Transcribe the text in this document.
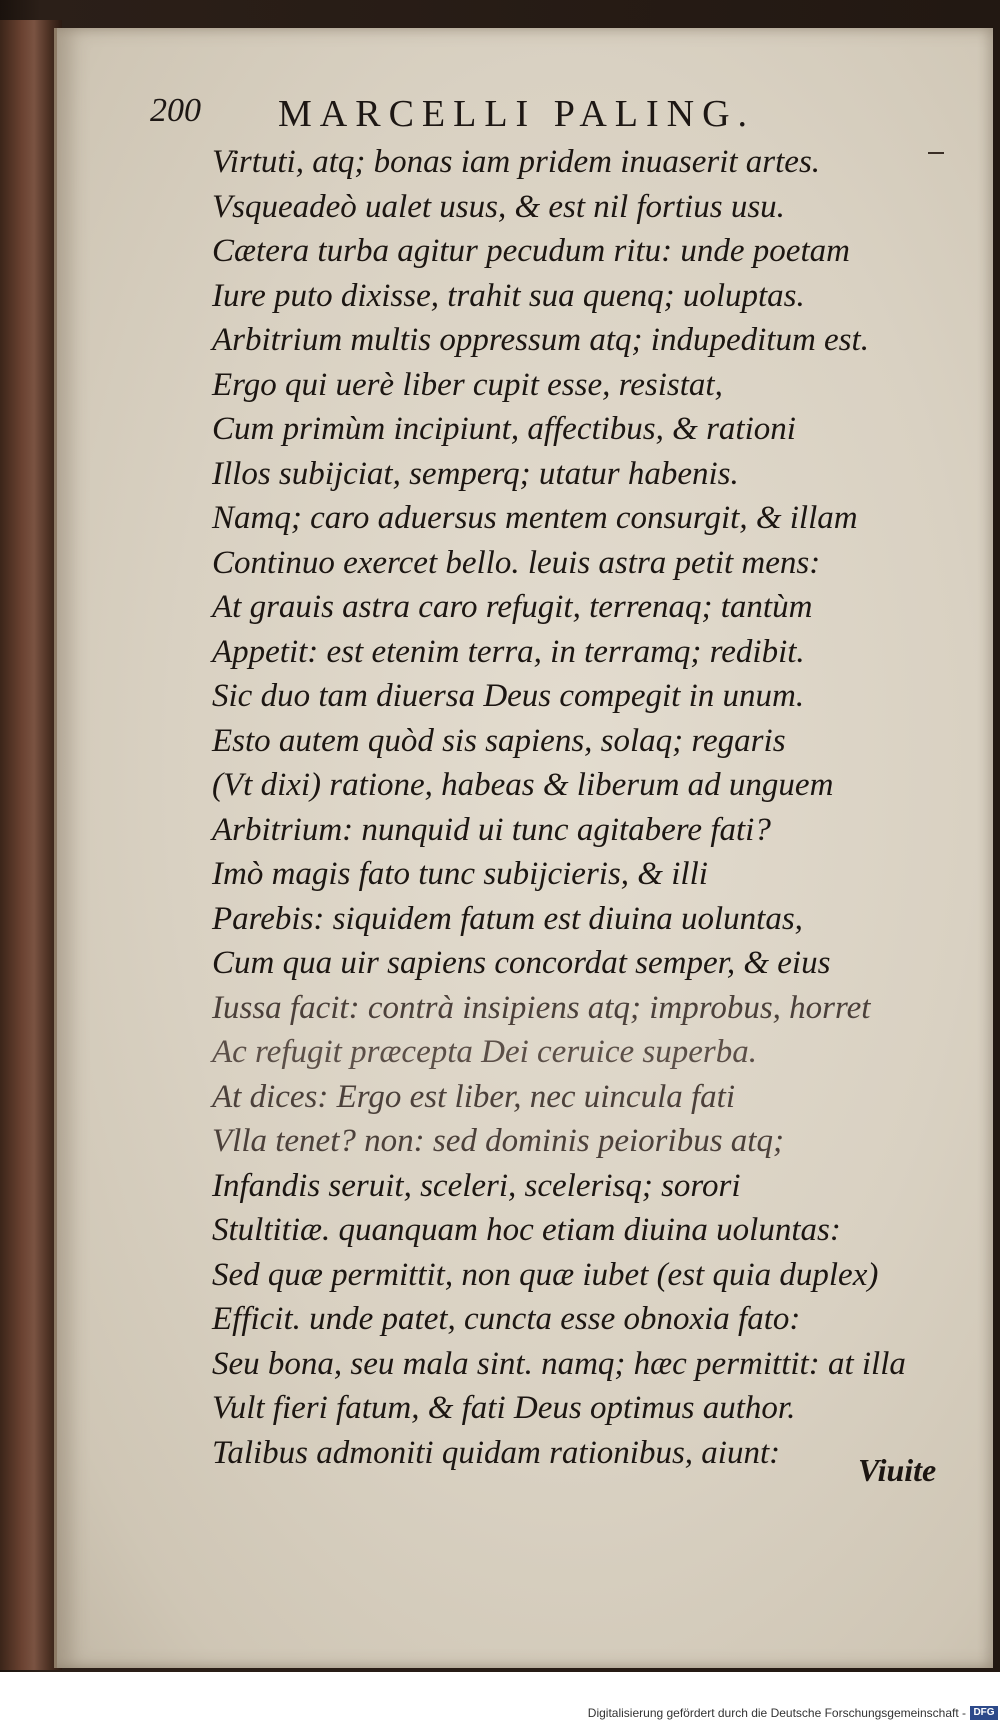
200 MARCELLI PALING.
Virtuti, atq; bonas iam pridem inuaserit artes.
Vsqueadeò ualet usus, & est nil fortius usu.
Cætera turba agitur pecudum ritu: unde poetam
Iure puto dixisse, trahit sua quenq; uoluptas.
Arbitrium multis oppressum atq; indupeditum est.
Ergo qui uerè liber cupit esse, resistat,
Cum primùm incipiunt, affectibus, & rationi
Illos subijciat, semperq; utatur habenis.
Namq; caro aduersus mentem consurgit, & illam
Continuo exercet bello. leuis astra petit mens:
At grauis astra caro refugit, terrenaq; tantùm
Appetit: est etenim terra, in terramq; redibit.
Sic duo tam diuersa Deus compegit in unum.
Esto autem quòd sis sapiens, solaq; regaris
(Vt dixi) ratione, habeas & liberum ad unguem
Arbitrium: nunquid ui tunc agitabere fati?
Imò magis fato tunc subijcieris, & illi
Parebis: siquidem fatum est diuina uoluntas,
Cum qua uir sapiens concordat semper, & eius
Iussa facit: contrà insipiens atq; improbus, horret
Ac refugit præcepta Dei ceruice superba.
At dices: Ergo est liber, nec uincula fati
Vlla tenet? non: sed dominis peioribus atq;
Infandis seruit, sceleri, scelerisq; sorori
Stultitiæ. quanquam hoc etiam diuina uoluntas:
Sed quæ permittit, non quæ iubet (est quia duplex)
Efficit. unde patet, cuncta esse obnoxia fato:
Seu bona, seu mala sint. namq; hæc permittit: at illa
Vult fieri fatum, & fati Deus optimus author.
Talibus admoniti quidam rationibus, aiunt:	Viuite
Digitalisierung gefördert durch die Deutsche Forschungsgemeinschaft - DFG
